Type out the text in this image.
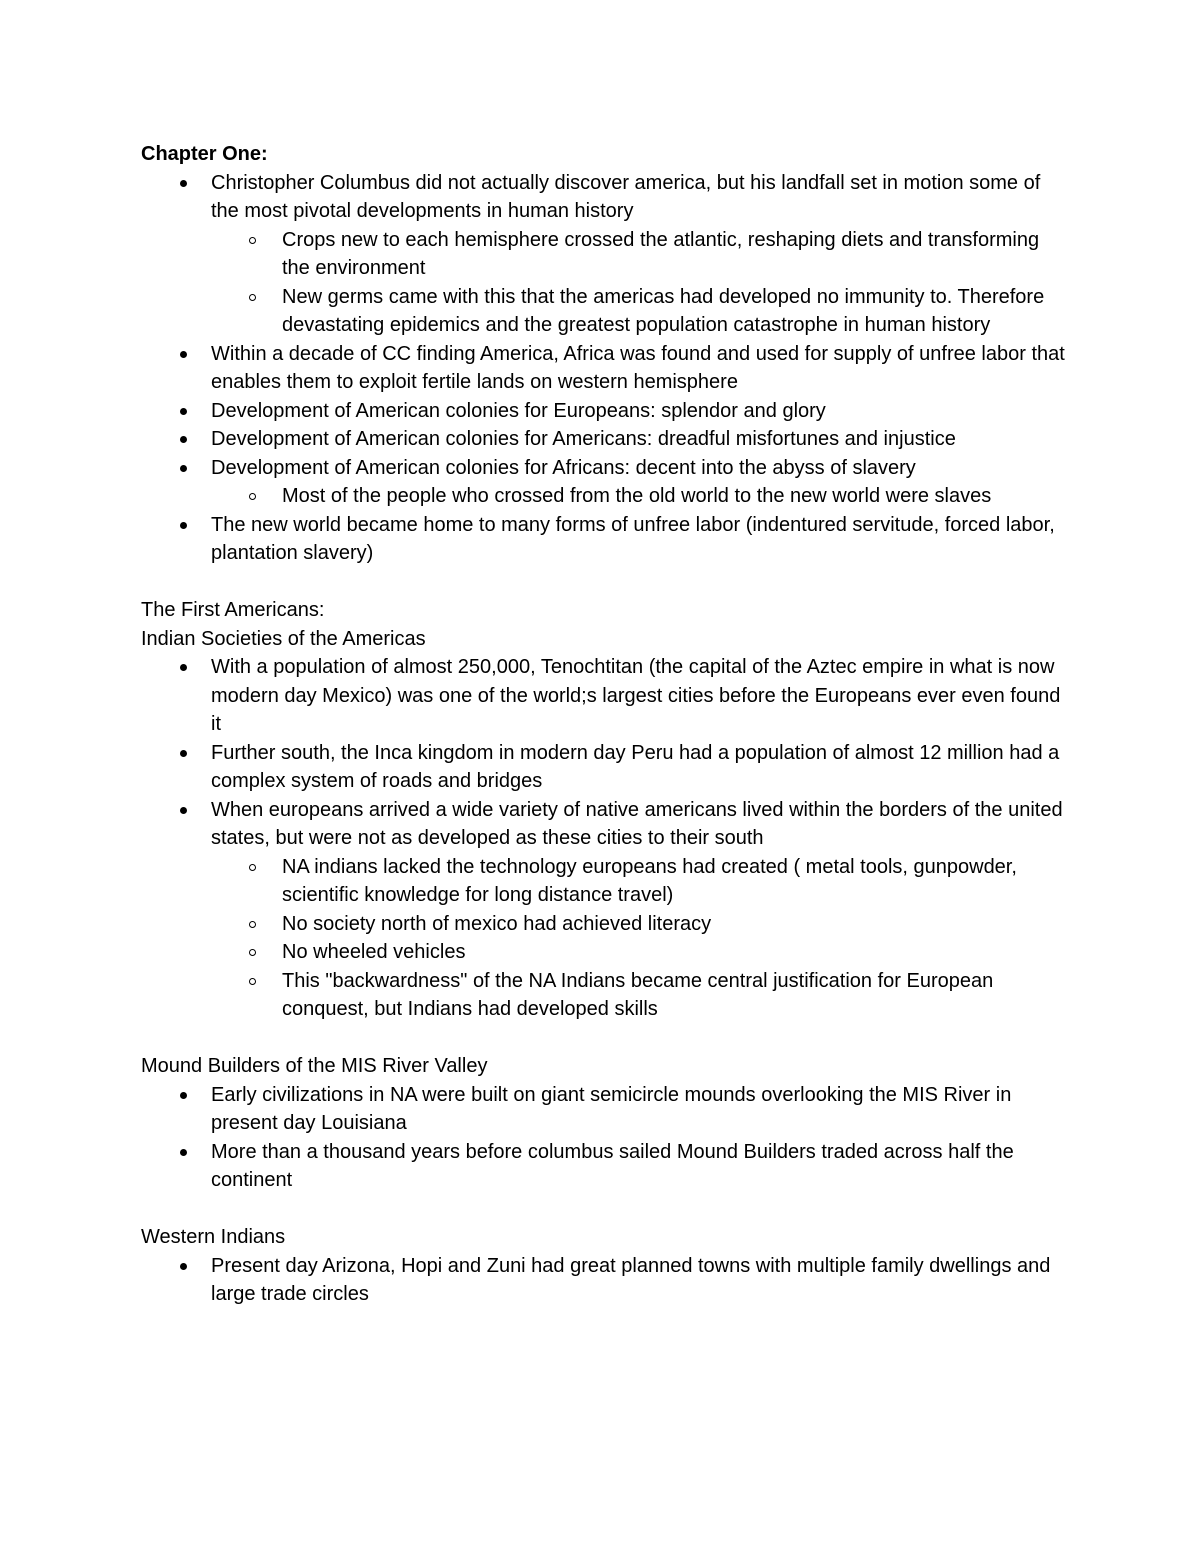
Chapter One:

Christopher Columbus did not actually discover america, but his landfall set in motion some of the most pivotal developments in human history
Crops new to each hemisphere crossed the atlantic, reshaping diets and transforming the environment
New germs came with this that the americas had developed no immunity to. Therefore devastating epidemics and the greatest population catastrophe in human history
Within a decade of CC finding America, Africa was found and used for supply of unfree labor that enables them to exploit fertile lands on western hemisphere
Development of American colonies for Europeans: splendor and glory
Development of American colonies for Americans: dreadful misfortunes and injustice
Development of American colonies for Africans: decent into the abyss of slavery
Most of the people who crossed from the old world to the new world were slaves
The new world became home to many forms of unfree labor (indentured servitude, forced labor, plantation slavery)

The First Americans:

Indian Societies of the Americas

With a population of almost 250,000, Tenochtitan (the capital of the Aztec empire in what is now modern day Mexico) was one of the world;s largest cities before the Europeans ever even found it
Further south, the Inca kingdom in modern day Peru had a population of almost 12 million had a complex system of roads and bridges
When europeans arrived a wide variety of native americans lived within the borders of the united states, but were not as developed as these cities to their south
NA indians lacked the technology europeans had created ( metal tools, gunpowder, scientific knowledge for long distance travel)
No society north of mexico had achieved literacy
No wheeled vehicles
This "backwardness" of the NA Indians became central justification for European conquest, but Indians had developed skills

Mound Builders of the MIS River Valley

Early civilizations in NA were built on giant semicircle mounds overlooking the MIS River in present day Louisiana
More than a thousand years before columbus sailed Mound Builders traded across half the continent

Western Indians

Present day Arizona, Hopi and Zuni had great planned towns with multiple family dwellings and large trade circles
